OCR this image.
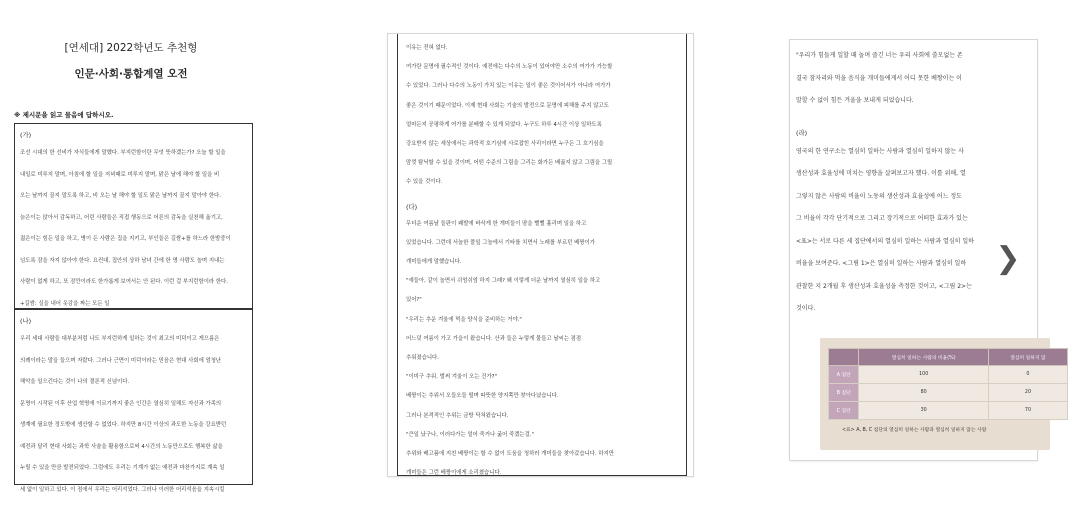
[연세대] 2022학년도 추천형
인문·사회·통합계열 오전
※ 제시문을 읽고 물음에 답하시오.
(가)
조선 시대의 한 선비가 자식들에게 말했다. 부지런함이란 무엇 뜻하겠는가? 오늘 할 일을
내일로 미루지 말며, 아침에 할 일을 저녁때로 미루지 말며, 맑은 날에 해야 할 일을 비
오는 날까지 끌지 말도록 하고, 비 오는 날 해야 할 일도 맑은 날까지 끌지 말아야 한다.
늙은이는 앉아서 감독하고, 어린 사람들은 직접 행동으로 어른의 감독을 실천해 옮기고,
젊은이는 힘든 일을 하고, 병이 든 사람은 집을 지키고, 부인들은 길쌈+를 하느라 한밤중이
넘도록 잠을 자지 않아야 한다. 요컨대, 집안의 상하 남녀 간에 한 명 사람도 놀며 지내는
사람이 없게 하고, 또 잠깐이라도 한가롭게 보여서는 안 된다. 이런 걸 부지런함이라 한다.
+길쌈: 실을 내어 옷감을 짜는 모든 일
(나)
우리 세대 사람들 대부분처럼 나도 부지런하게 일하는 것이 최고의 미덕이고 게으름은
의례이라는 말을 들으며 자랐다. 그러나 근면이 미덕이라는 믿음은 현대 사회에 엄청난
해악을 일으킨다는 것이 나의 결론적 신념이다.
문명이 시작된 이후 산업 혁명에 이르기까지 좋은 인간은 열심히 일해도 자신과 가족의
생계에 필요한 정도밖에 생산할 수 없었다. 하지만 8시간 이상의 과도한 노동을 강요받던
예전과 달리 현대 사회는 과학 사술을 활용함으로써 4시간의 노동만으로도 행복한 삶을
누릴 수 있을 만큼 발전되었다. 그럼에도 우리는 기계가 없는 예전과 마찬가지로 계속 일
세 없이 일하고 있다. 이 점에서 우리는 어리석었다. 그러나 이러한 어리석음을 지속시킬
이유는 전혀 없다.
여가란 문명에 필수적인 것이다. 예전에는 다수의 노동이 있어야만 소수의 여가가 가능할
수 있었다. 그러나 다수의 노동이 가치 있는 이유는 일이 좋은 것이어서가 아니라 여가가
좋은 것이기 때문이었다. 이제 현대 사회는 기술의 발전으로 문명에 피해를 주지 않고도
얼마든지 공평하게 여가를 분배할 수 있게 되었다. 누구도 하루 4시간 이상 일하도록
강요받지 않는 세상에서는 과학적 호기심에 사로잡힌 사리이라면 누구든 그 호기심을
맘껏 탐닉할 수 있을 것이며, 어떤 수준의 그림을 그리는 화가든 배곯지 않고 그림을 그릴
수 있을 것이다.
(다)
무더운 여름날 들판이 쾌발에 바삭게 한 개미들이 땀을 뻘뻘 흘리며 일을 하고
있었습니다. 그런데 서늘한 풀잎 그늘에서 기타를 치면서 노래를 부르던 베짱이가
개미들에게 말했습니다.
"얘들아, 같이 놀면서 쉬엄쉬엄 하지 그래? 왜 이렇게 더운 날까지 열심히 일을 하고
있어?"
"우리는 추운 겨울에 먹을 양식을 준비하는 거야."
어느덧 여름이 가고 가을이 왔습니다. 산과 들은 누렇게 물들고 날씨는 점점
추워졌습니다.
"이미구 추워. 벌써 겨울이 오는 건가?"
베짱이는 추위서 오들오들 떨며 따뜻한 양지쪽만 찾아다녔습니다.
그러나 본격적인 추위는 금방 닥쳐왔습니다.
"큰일 났구나, 이러다가는 얼어 죽거나 굶어 죽겠는걸."
추위와 배고픔에 지친 베짱이는 할 수 없이 도움을 청하러 개미들을 찾아갔습니다. 하지만
개미들은 그런 베짱이에게 소리쳤습니다.
"우리가 힘들게 일할 때 놀며 즐긴 너는 우리 사회에 쓸모없는 존
결국 잠자리와 먹을 음식을 개미들에게서 어디 못한 베짱이는 이
말할 수 없이 힘든 겨울을 보내게 되었습니다.
(라)
영국의 한 연구소는 열심히 일하는 사람과 열심히 일하지 않는 사
생산성과 효율성에 미치는 영향을 살펴보고자 했다. 이를 위해, 열
그렇지 않은 사람의 비율이 노동의 생산성과 효율성에 어느 정도
그 비율이 각각 단기적으로 그리고 장기적으로 어떠한 효과가 있는
<표>는 서로 다른 세 집단에서의 열심히 일하는 사람과 열심히 일하
비율을 보여준다. <그림 1>은 열심히 일하는 사람과 열심히 일하
관찰한 지 2개월 후 생산성과 효율성을 측정한 것이고, <그림 2>는
것이다.
	열심히 일하는 사람의 비율(%)	열심히 일하지 않
A 집단	100	0
B 집단	80	20
C 집단	30	70
<표> A, B, C 집단의 열심히 일하는 사람과 열심히 일하지 않는 사람
❯
